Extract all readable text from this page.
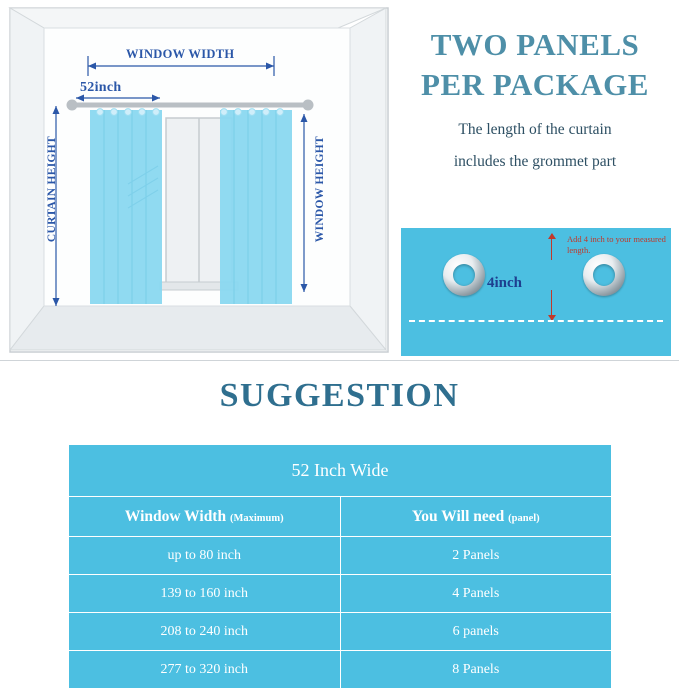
WINDOW WIDTH
52inch
CURTAIN HEIGHT	WINDOW HEIGHT
TWO PANELS
PER PACKAGE
The length of the curtain
includes the grommet part
Add 4 inch to your measured length.
4inch
SUGGESTION
52 Inch Wide	
Window Width (Maximum)	You Will need (panel)
up to 80 inch	2 Panels
139 to 160 inch	4 Panels
208 to 240 inch	6 panels
277 to 320 inch	8 Panels
